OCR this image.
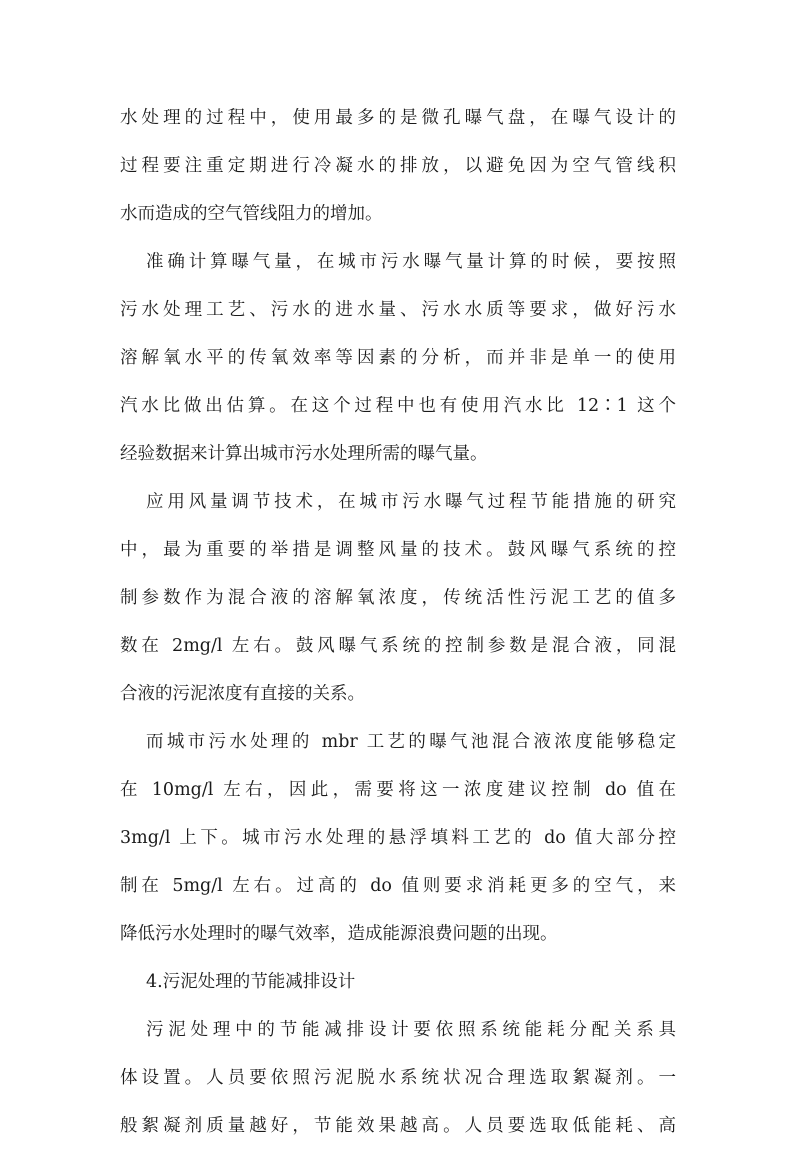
水处理的过程中，使用最多的是微孔曝气盘，在曝气设计的
过程要注重定期进行冷凝水的排放，以避免因为空气管线积
水而造成的空气管线阻力的增加。
准确计算曝气量，在城市污水曝气量计算的时候，要按照
污水处理工艺、污水的进水量、污水水质等要求，做好污水
溶解氧水平的传氧效率等因素的分析，而并非是单一的使用
汽水比做出估算。在这个过程中也有使用汽水比 12∶1 这个
经验数据来计算出城市污水处理所需的曝气量。
应用风量调节技术，在城市污水曝气过程节能措施的研究
中，最为重要的举措是调整风量的技术。鼓风曝气系统的控
制参数作为混合液的溶解氧浓度，传统活性污泥工艺的值多
数在 2mg/l 左右。鼓风曝气系统的控制参数是混合液，同混
合液的污泥浓度有直接的关系。
而城市污水处理的 mbr 工艺的曝气池混合液浓度能够稳定
在 10mg/l 左右，因此，需要将这一浓度建议控制 do 值在
3mg/l 上下。城市污水处理的悬浮填料工艺的 do 值大部分控
制在 5mg/l 左右。过高的 do 值则要求消耗更多的空气，来
降低污水处理时的曝气效率，造成能源浪费问题的出现。
4.污泥处理的节能减排设计
污泥处理中的节能减排设计要依照系统能耗分配关系具
体设置。人员要依照污泥脱水系统状况合理选取絮凝剂。一
般絮凝剂质量越好，节能效果越高。人员要选取低能耗、高
